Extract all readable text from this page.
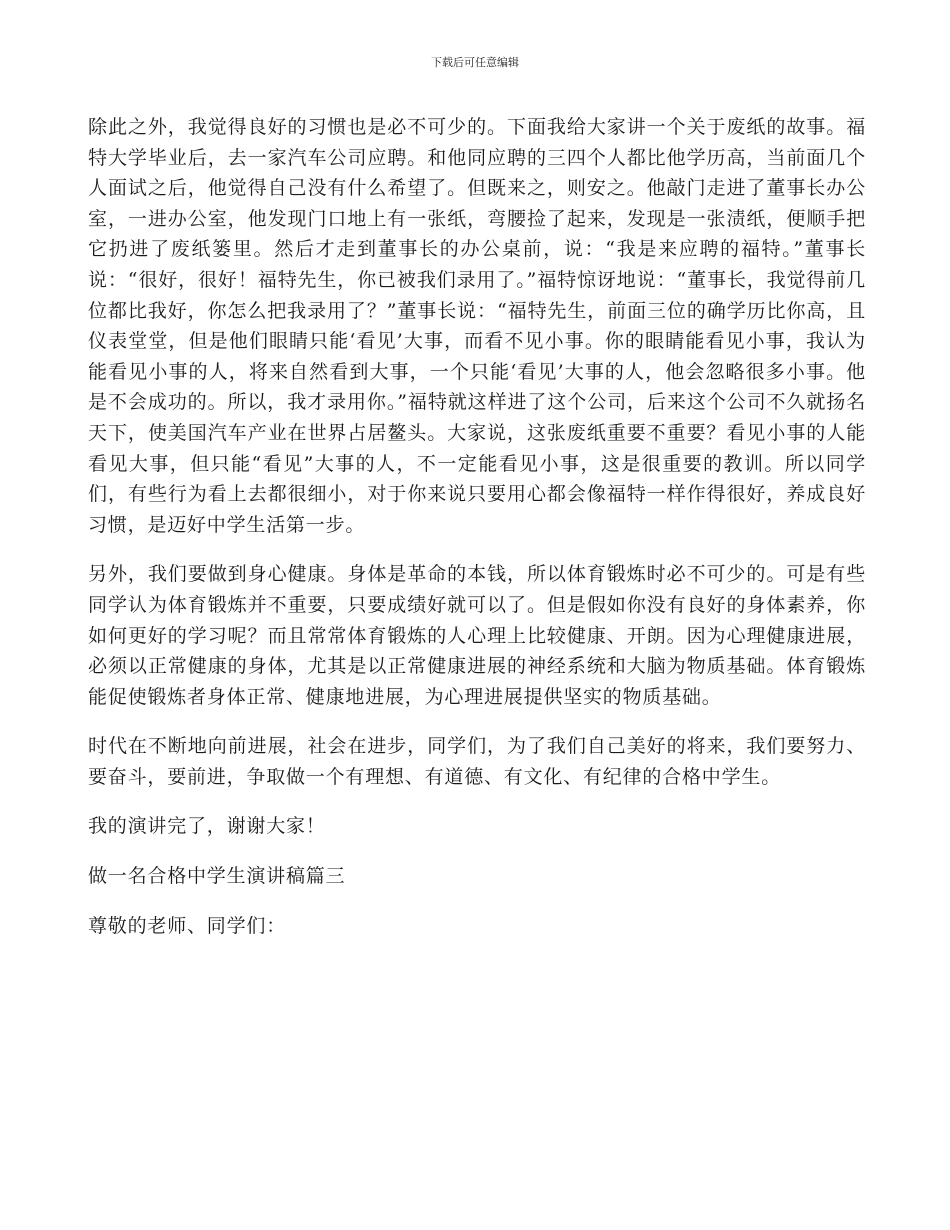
下载后可任意编辑

除此之外，我觉得良好的习惯也是必不可少的。下面我给大家讲一个关于废纸的故事。福特大学毕业后，去一家汽车公司应聘。和他同应聘的三四个人都比他学历高，当前面几个人面试之后，他觉得自己没有什么希望了。但既来之，则安之。他敲门走进了董事长办公室，一进办公室，他发现门口地上有一张纸，弯腰捡了起来，发现是一张渍纸，便顺手把它扔进了废纸篓里。然后才走到董事长的办公桌前，说：“我是来应聘的福特。”董事长说：“很好，很好！福特先生，你已被我们录用了。”福特惊讶地说：“董事长，我觉得前几位都比我好，你怎么把我录用了？”董事长说：“福特先生，前面三位的确学历比你高，且仪表堂堂，但是他们眼睛只能‘看见’大事，而看不见小事。你的眼睛能看见小事，我认为能看见小事的人，将来自然看到大事，一个只能‘看见’大事的人，他会忽略很多小事。他是不会成功的。所以，我才录用你。”福特就这样进了这个公司，后来这个公司不久就扬名天下，使美国汽车产业在世界占居鳌头。大家说，这张废纸重要不重要？看见小事的人能看见大事，但只能“看见”大事的人，不一定能看见小事，这是很重要的教训。所以同学们，有些行为看上去都很细小，对于你来说只要用心都会像福特一样作得很好，养成良好习惯，是迈好中学生活第一步。

另外，我们要做到身心健康。身体是革命的本钱，所以体育锻炼时必不可少的。可是有些同学认为体育锻炼并不重要，只要成绩好就可以了。但是假如你没有良好的身体素养，你如何更好的学习呢？而且常常体育锻炼的人心理上比较健康、开朗。因为心理健康进展，必须以正常健康的身体，尤其是以正常健康进展的神经系统和大脑为物质基础。体育锻炼能促使锻炼者身体正常、健康地进展，为心理进展提供坚实的物质基础。

时代在不断地向前进展，社会在进步，同学们，为了我们自己美好的将来，我们要努力、要奋斗，要前进，争取做一个有理想、有道德、有文化、有纪律的合格中学生。

我的演讲完了，谢谢大家！

做一名合格中学生演讲稿篇三

尊敬的老师、同学们：
